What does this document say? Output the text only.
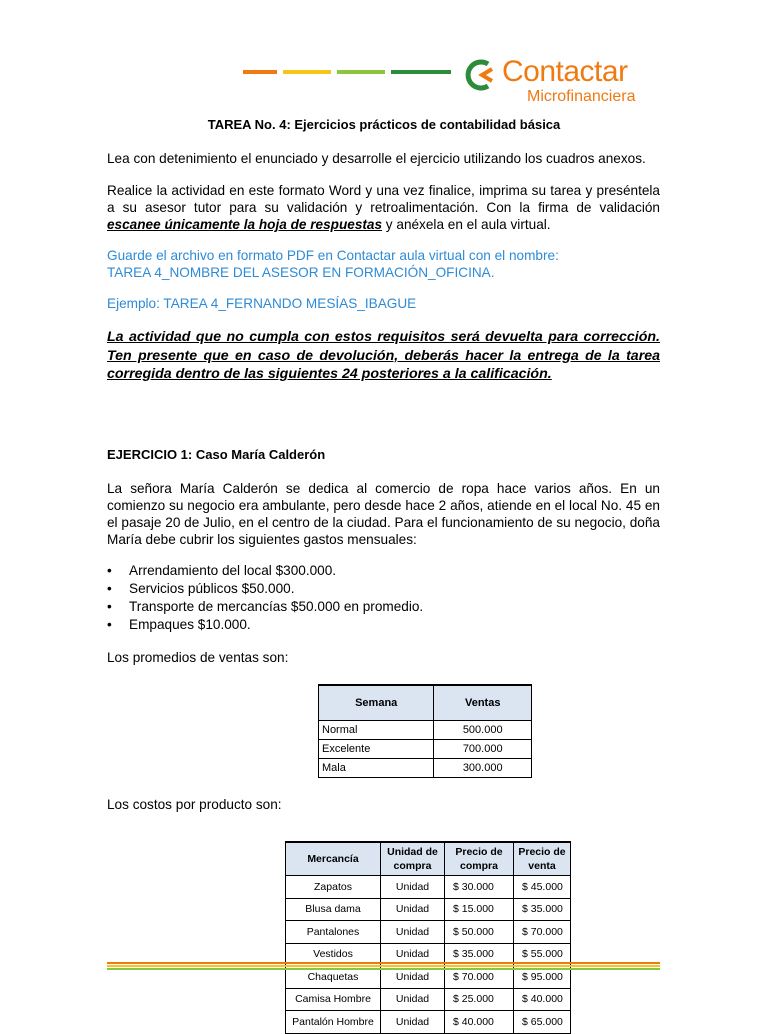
Contactar
Microfinanciera
TAREA No. 4: Ejercicios prácticos de contabilidad básica
Lea con detenimiento el enunciado y desarrolle el ejercicio utilizando los cuadros anexos.
Realice la actividad en este formato Word y una vez finalice, imprima su tarea y preséntela a su asesor tutor para su validación y retroalimentación. Con la firma de validación escanee únicamente la hoja de respuestas y anéxela en el aula virtual.
Guarde el archivo en formato PDF en Contactar aula virtual con el nombre:
TAREA 4_NOMBRE DEL ASESOR EN FORMACIÓN_OFICINA.
Ejemplo: TAREA 4_FERNANDO MESÍAS_IBAGUE
La actividad que no cumpla con estos requisitos será devuelta para corrección. Ten presente que en caso de devolución, deberás hacer la entrega de la tarea corregida dentro de las siguientes 24 posteriores a la calificación.
EJERCICIO 1: Caso María Calderón
La señora María Calderón se dedica al comercio de ropa hace varios años. En un comienzo su negocio era ambulante, pero desde hace 2 años, atiende en el local No. 45 en el pasaje 20 de Julio, en el centro de la ciudad. Para el funcionamiento de su negocio, doña María debe cubrir los siguientes gastos mensuales:
• Arrendamiento del local $300.000.
• Servicios públicos $50.000.
• Transporte de mercancías $50.000 en promedio.
• Empaques $10.000.
Los promedios de ventas son:
Semana	Ventas
Normal	500.000
Excelente	700.000
Mala	300.000
Los costos por producto son:
Mercancía	Unidad de compra	Precio de compra	Precio de venta
Zapatos	Unidad	$ 30.000	$ 45.000
Blusa dama	Unidad	$ 15.000	$ 35.000
Pantalones	Unidad	$ 50.000	$ 70.000
Vestidos	Unidad	$ 35.000	$ 55.000
Chaquetas	Unidad	$ 70.000	$ 95.000
Camisa Hombre	Unidad	$ 25.000	$ 40.000
Pantalón Hombre	Unidad	$ 40.000	$ 65.000
